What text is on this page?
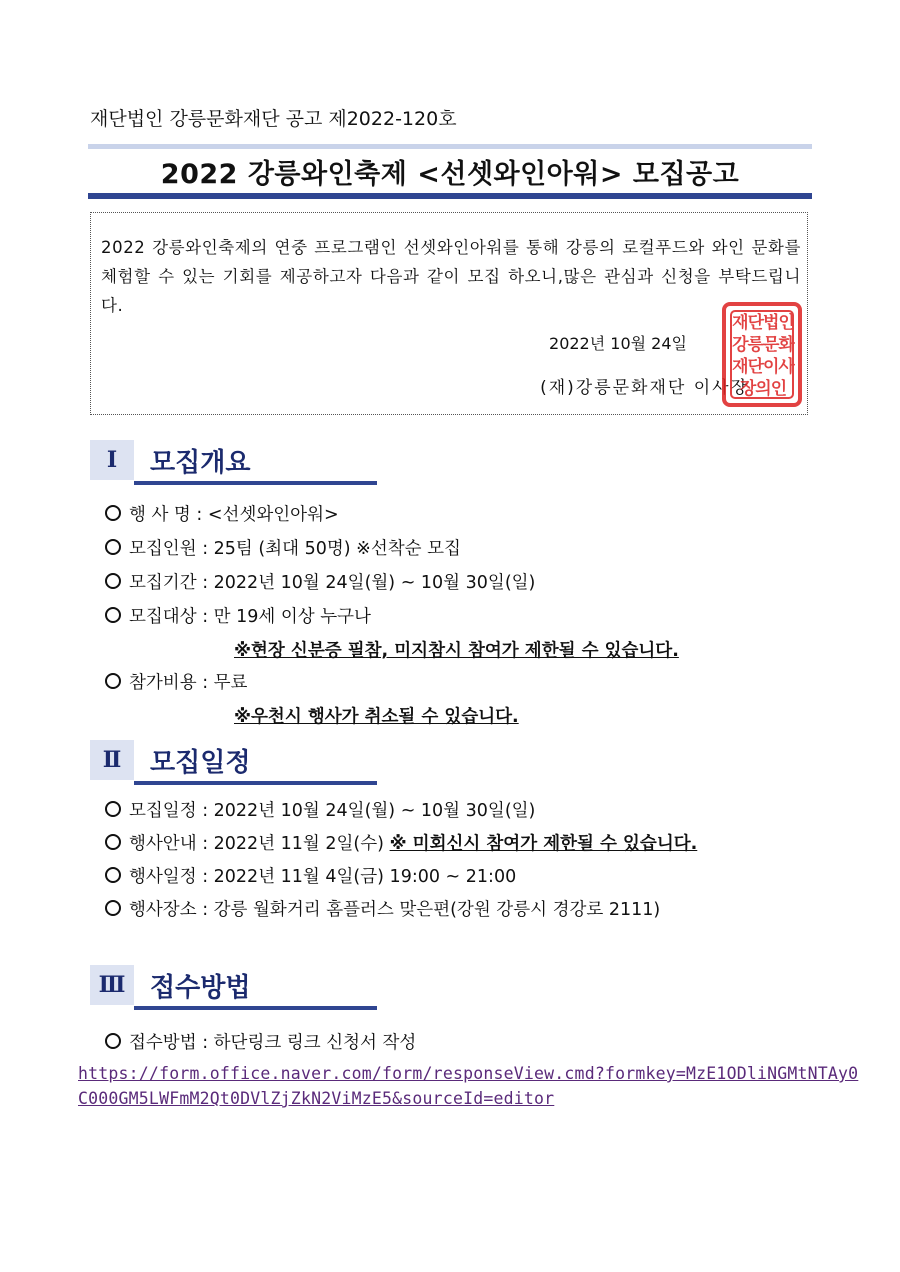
재단법인 강릉문화재단 공고 제2022-120호
2022 강릉와인축제 <선셋와인아워> 모집공고
2022 강릉와인축제의 연중 프로그램인 선셋와인아워를 통해 강릉의 로컬푸드와 와인 문화를 체험할 수 있는 기회를 제공하고자 다음과 같이 모집 하오니,많은 관심과 신청을 부탁드립니다.
2022년 10월 24일
(재)강릉문화재단 이사장
재단법인강릉문화재단이사장의인
Ⅰ	모집개요
행 사 명 : <선셋와인아워>
모집인원 : 25팀 (최대 50명) ※선착순 모집
모집기간 : 2022년 10월 24일(월) ~ 10월 30일(일)
모집대상 : 만 19세 이상 누구나
※현장 신분증 필참, 미지참시 참여가 제한될 수 있습니다.
참가비용 : 무료
※우천시 행사가 취소될 수 있습니다.
Ⅱ	모집일정
모집일정 : 2022년 10월 24일(월) ~ 10월 30일(일)
행사안내 : 2022년 11월 2일(수) ※ 미회신시 참여가 제한될 수 있습니다.
행사일정 : 2022년 11월 4일(금) 19:00 ~ 21:00
행사장소 : 강릉 월화거리 홈플러스 맞은편(강원 강릉시 경강로 2111)
Ⅲ 접수방법
접수방법 : 하단링크 링크 신청서 작성
https://form.office.naver.com/form/responseView.cmd?formkey=MzE1ODliNGMtNTAy0
C000GM5LWFmM2Qt0DVlZjZkN2ViMzE5&sourceId=editor
